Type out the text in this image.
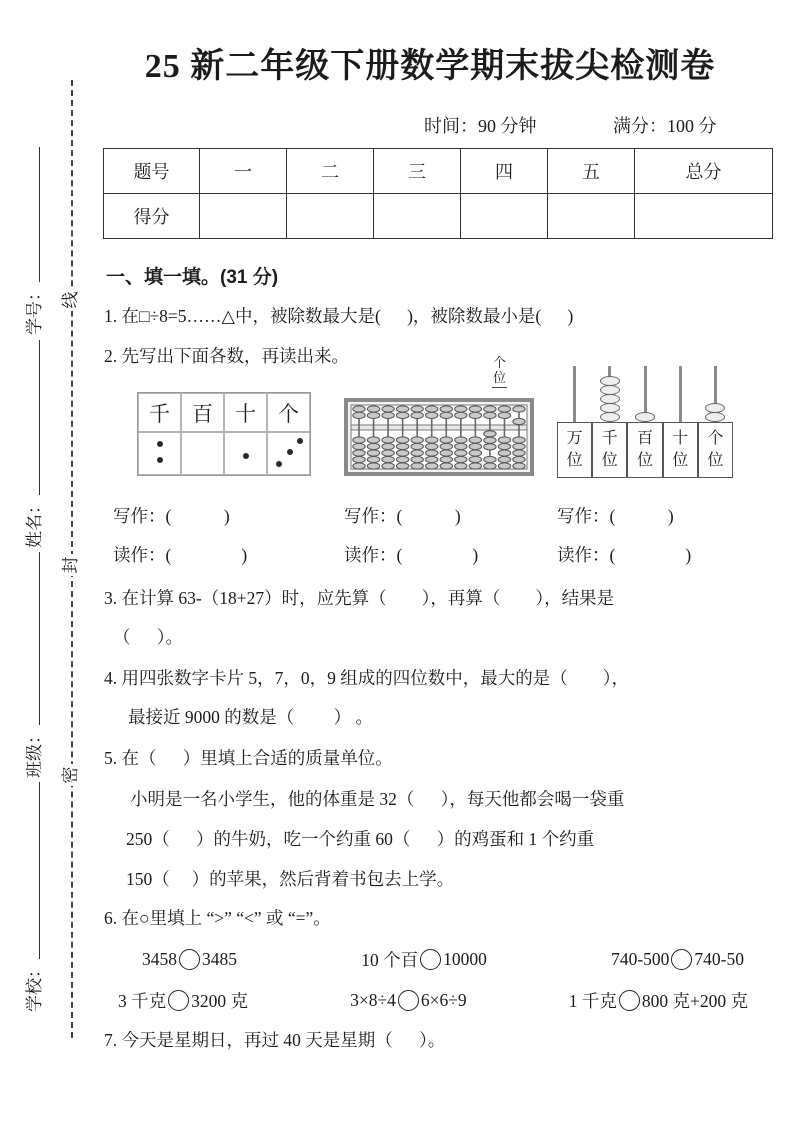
学号：
姓名：
班级：
学校：
线
封
密
25 新二年级下册数学期末拔尖检测卷
时间：90 分钟	满分：100 分
题号	一	二	三	四	五	总分
得分						
一、填一填。(31 分)
1. 在□÷8=5……△中，被除数最大是(      )，被除数最小是(      )
2. 先写出下面各数，再读出来。
千	百	十	个
个位
万位
千位
百位
十位
个位
写作：(            )	写作：(            )	写作：(            )
读作：(                )	读作：(                )	读作：(                )
3. 在计算 63-（18+27）时，应先算（        ），再算（        ），结果是
（      ）。
4. 用四张数字卡片 5，7，0，9 组成的四位数中，最大的是（        ），
最接近 9000 的数是（         ） 。
5. 在（      ）里填上合适的质量单位。
小明是一名小学生，他的体重是 32（      ），每天他都会喝一袋重
250（      ）的牛奶，吃一个约重 60（      ）的鸡蛋和 1 个约重
150（     ）的苹果，然后背着书包去上学。
6. 在○里填上 “>” “<” 或 “=”。
3458 3485	10 个百 10000	740-500 740-50
3 千克 3200 克	3×8÷4 6×6÷9	1 千克 800 克+200 克
7. 今天是星期日，再过 40 天是星期（      ）。
